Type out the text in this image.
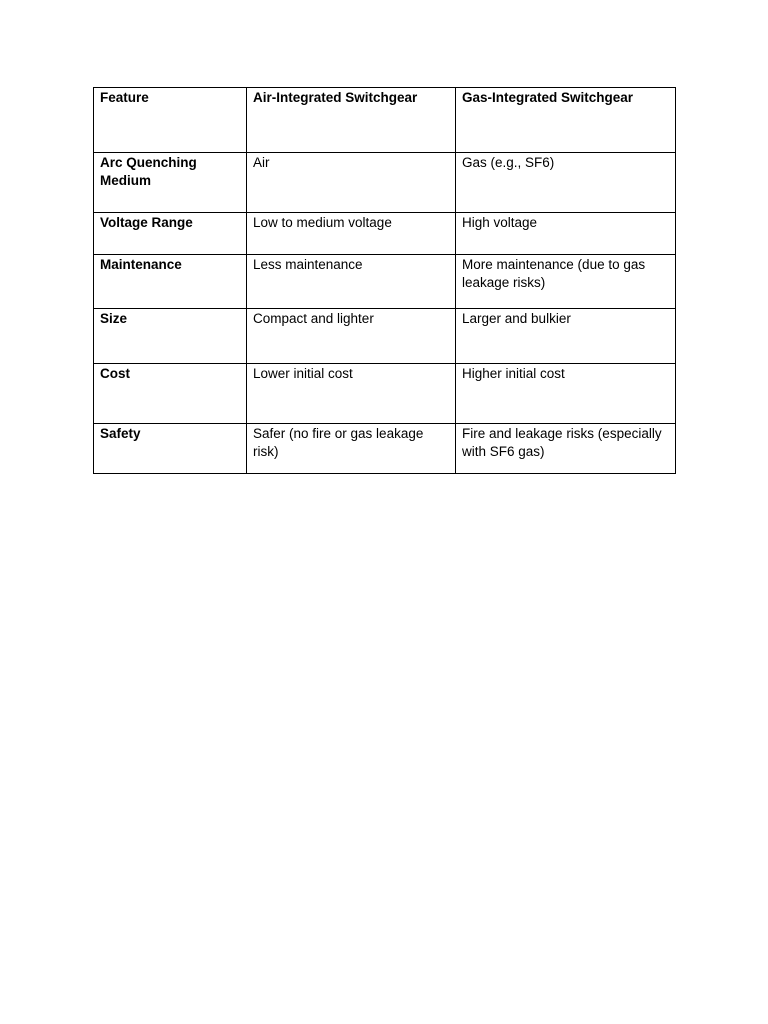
Feature	Air-Integrated Switchgear	Gas-Integrated Switchgear
Arc Quenching Medium	Air	Gas (e.g., SF6)
Voltage Range	Low to medium voltage	High voltage
Maintenance	Less maintenance	More maintenance (due to gas leakage risks)
Size	Compact and lighter	Larger and bulkier
Cost	Lower initial cost	Higher initial cost
Safety	Safer (no fire or gas leakage risk)	Fire and leakage risks (especially with SF6 gas)
